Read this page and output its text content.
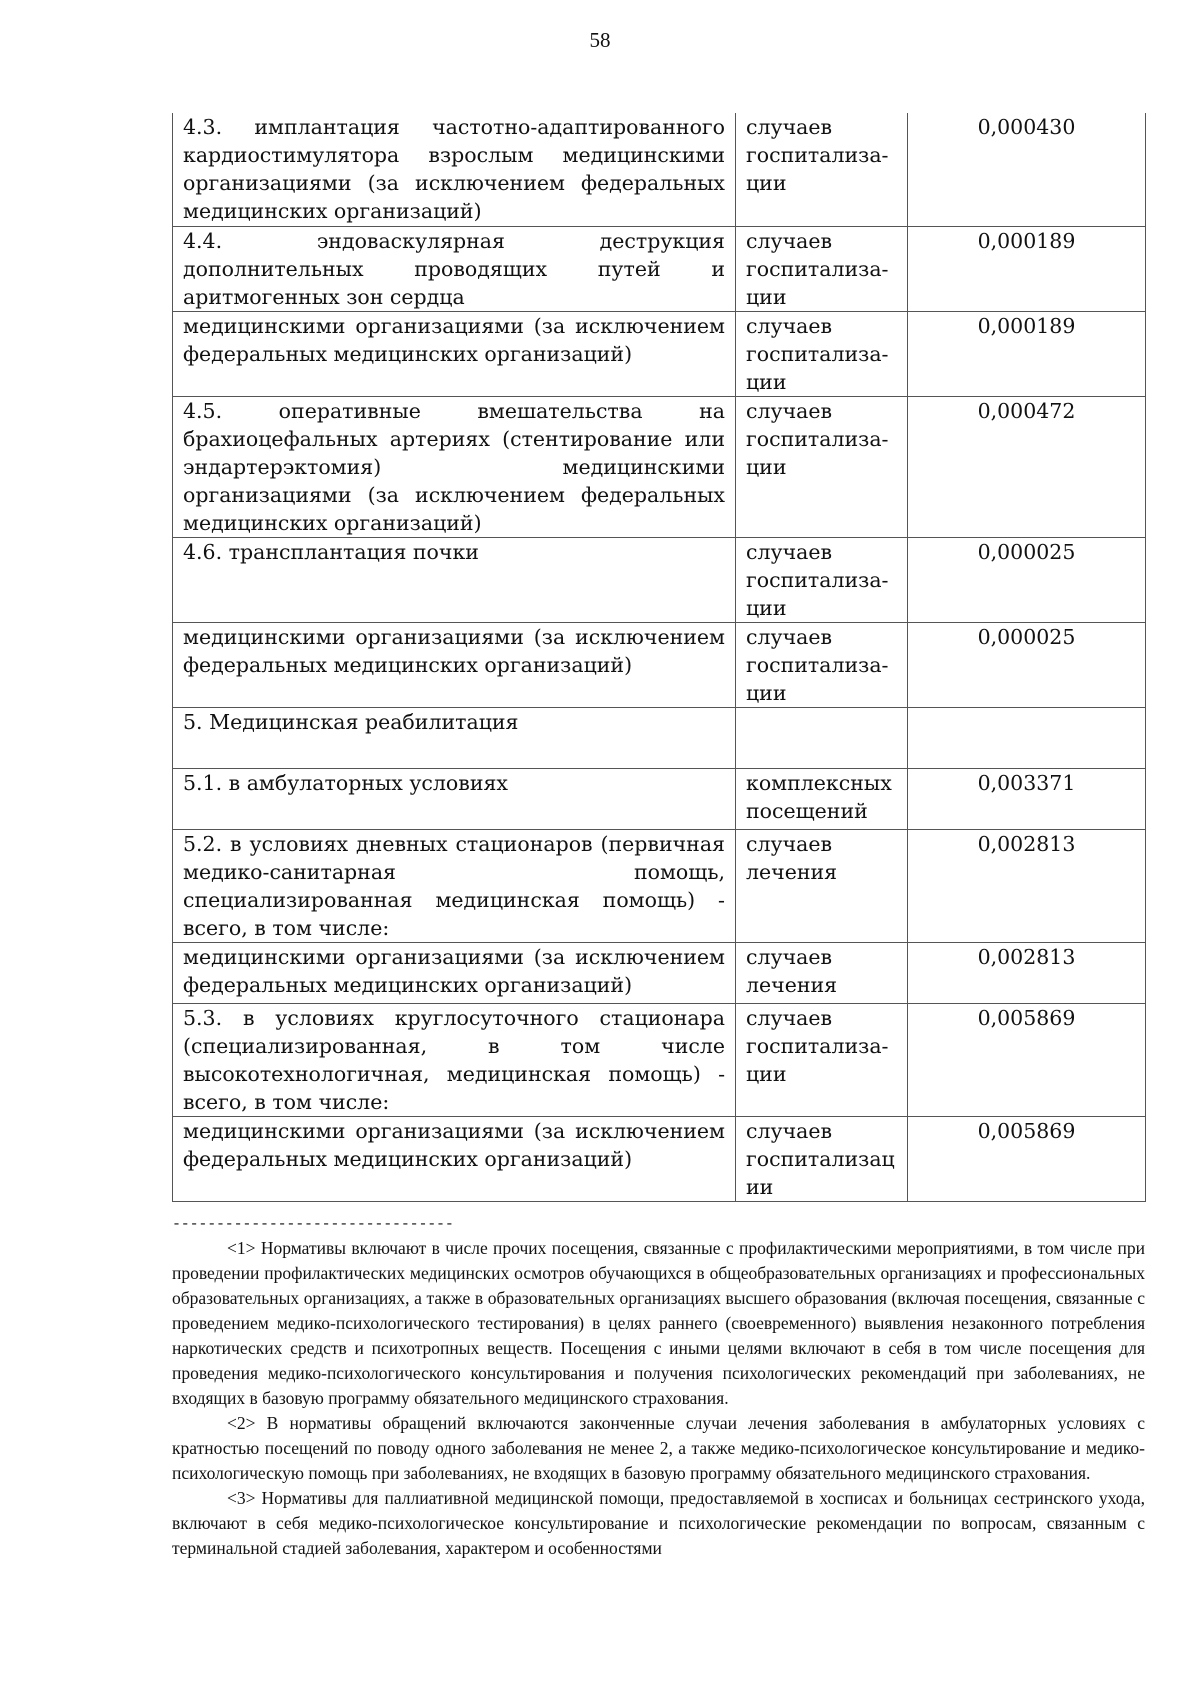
58
4.3. имплантация частотно-адаптированного кардиостимулятора взрослым медицинскими организациями (за исключением федеральных медицинских организаций)	случаев
госпитализа-
ции	0,000430
4.4. эндоваскулярная деструкция дополнительных проводящих путей и аритмогенных зон сердца	случаев
госпитализа-
ции	0,000189
медицинскими организациями (за исключением федеральных медицинских организаций)	случаев
госпитализа-
ции	0,000189
4.5. оперативные вмешательства на брахиоцефальных артериях (стентирование или эндартерэктомия) медицинскими организациями (за исключением федеральных медицинских организаций)	случаев
госпитализа-
ции	0,000472
4.6. трансплантация почки	случаев
госпитализа-
ции	0,000025
медицинскими организациями (за исключением федеральных медицинских организаций)	случаев
госпитализа-
ции	0,000025
5. Медицинская реабилитация		
5.1. в амбулаторных условиях	комплексных
посещений	0,003371
5.2. в условиях дневных стационаров (первичная медико-санитарная помощь, специализированная медицинская помощь) - всего, в том числе:	случаев
лечения	0,002813
медицинскими организациями (за исключением федеральных медицинских организаций)	случаев
лечения	0,002813
5.3. в условиях круглосуточного стационара (специализированная, в том числе высокотехнологичная, медицинская помощь) - всего, в том числе:	случаев
госпитализа-
ции	0,005869
медицинскими организациями (за исключением федеральных медицинских организаций)	случаев
госпитализац
ии	0,005869
--------------------------------

<1> Нормативы включают в числе прочих посещения, связанные с профилактическими мероприятиями, в том числе при проведении профилактических медицинских осмотров обучающихся в общеобразовательных организациях и профессиональных образовательных организациях, а также в образовательных организациях высшего образования (включая посещения, связанные с проведением медико-психологического тестирования) в целях раннего (своевременного) выявления незаконного потребления наркотических средств и психотропных веществ. Посещения с иными целями включают в себя в том числе посещения для проведения медико-психологического консультирования и получения психологических рекомендаций при заболеваниях, не входящих в базовую программу обязательного медицинского страхования.

<2> В нормативы обращений включаются законченные случаи лечения заболевания в амбулаторных условиях с кратностью посещений по поводу одного заболевания не менее 2, а также медико-психологическое консультирование и медико-психологическую помощь при заболеваниях, не входящих в базовую программу обязательного медицинского страхования.

<3> Нормативы для паллиативной медицинской помощи, предоставляемой в хосписах и больницах сестринского ухода, включают в себя медико-психологическое консультирование и психологические рекомендации по вопросам, связанным с терминальной стадией заболевания, характером и особенностями
